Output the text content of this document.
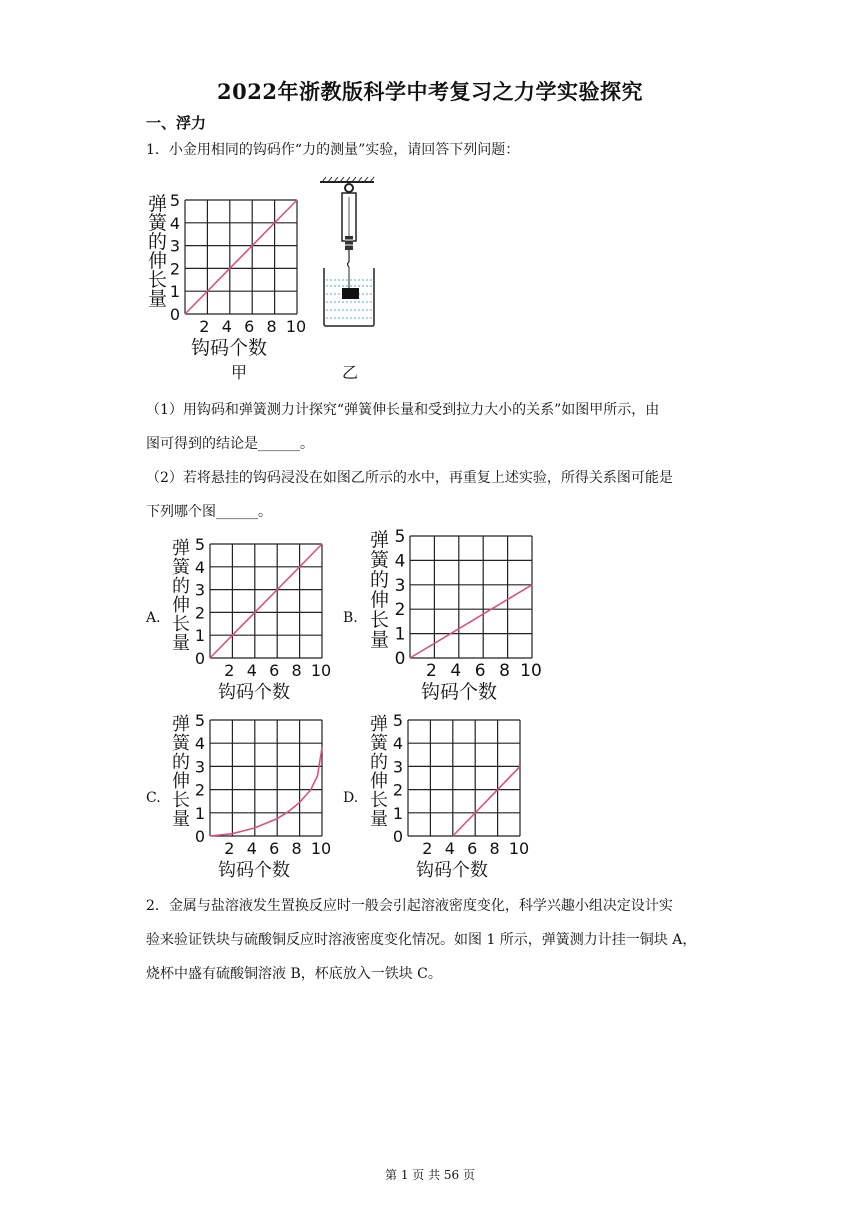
2022年浙教版科学中考复习之力学实验探究
一、浮力
1．小金用相同的钩码作“力的测量”实验，请回答下列问题：
0
1
2
3
4
5
2 4 6 8 10
弹簧的伸长量
钩码个数
甲	乙
（1）用钩码和弹簧测力计探究“弹簧伸长量和受到拉力大小的关系”如图甲所示，由
图可得到的结论是______。
（2）若将悬挂的钩码浸没在如图乙所示的水中，再重复上述实验，所得关系图可能是
下列哪个图______。
A.
0
1
2
3
4
5
2 4 6 8 10
弹簧的伸长量
钩码个数
B.
0
1
2
3
4
5
2 4 6 8 10
弹簧的伸长量
钩码个数
C.
0
1
2
3
4
5
2 4 6 8 10
弹簧的伸长量
钩码个数
D.
0
1
2
3
4
5
2 4 6 8 10
弹簧的伸长量
钩码个数
2．金属与盐溶液发生置换反应时一般会引起溶液密度变化，科学兴趣小组决定设计实
验来验证铁块与硫酸铜反应时溶液密度变化情况。如图 1 所示，弹簧测力计挂一铜块 A，
烧杯中盛有硫酸铜溶液 B，杯底放入一铁块 C。
第 1 页 共 56 页
